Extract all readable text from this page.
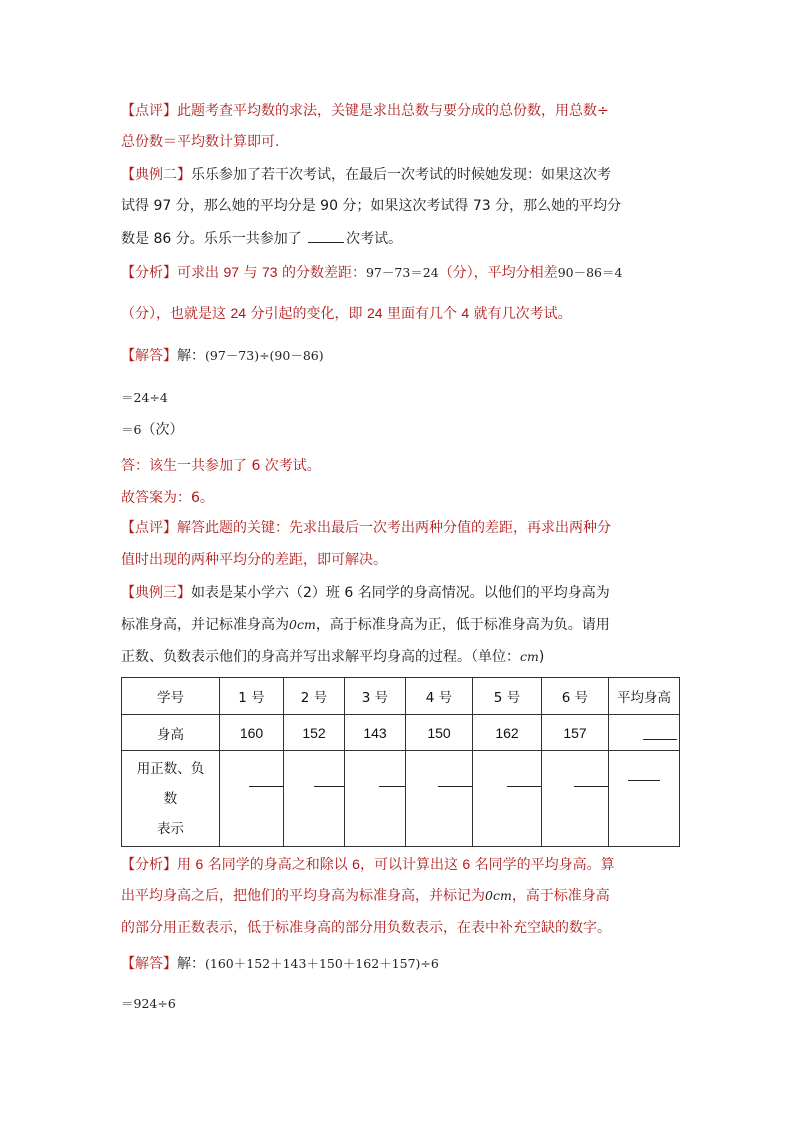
【点评】此题考查平均数的求法，关键是求出总数与要分成的总份数，用总数÷
总份数＝平均数计算即可.
【典例二】乐乐参加了若干次考试，在最后一次考试的时候她发现：如果这次考
试得 97 分，那么她的平均分是 90 分；如果这次考试得 73 分，那么她的平均分
数是 86 分。乐乐一共参加了	次考试。
【分析】可求出 97 与 73 的分数差距：97－73＝24（分），平均分相差90－86＝4
（分），也就是这 24 分引起的变化，即 24 里面有几个 4 就有几次考试。
【解答】解：(97－73)÷(90－86)
＝24÷4
＝6（次）
答：该生一共参加了 6 次考试。
故答案为：6。
【点评】解答此题的关键：先求出最后一次考出两种分值的差距，再求出两种分
值时出现的两种平均分的差距，即可解决。
【典例三】如表是某小学六（2）班 6 名同学的身高情况。以他们的平均身高为
标准身高，并记标准身高为0cm，高于标准身高为正，低于标准身高为负。请用
正数、负数表示他们的身高并写出求解平均身高的过程。（单位：cm)
学号	1 号	2 号	3 号	4 号	5 号	6 号	平均身高
身高	160	152	143	150	162	157	

用正数、负
数
表示							

【分析】用 6 名同学的身高之和除以 6，可以计算出这 6 名同学的平均身高。算
出平均身高之后，把他们的平均身高为标准身高，并标记为0cm，高于标准身高
的部分用正数表示，低于标准身高的部分用负数表示，在表中补充空缺的数字。
【解答】解：(160＋152＋143＋150＋162＋157)÷6
＝924÷6
